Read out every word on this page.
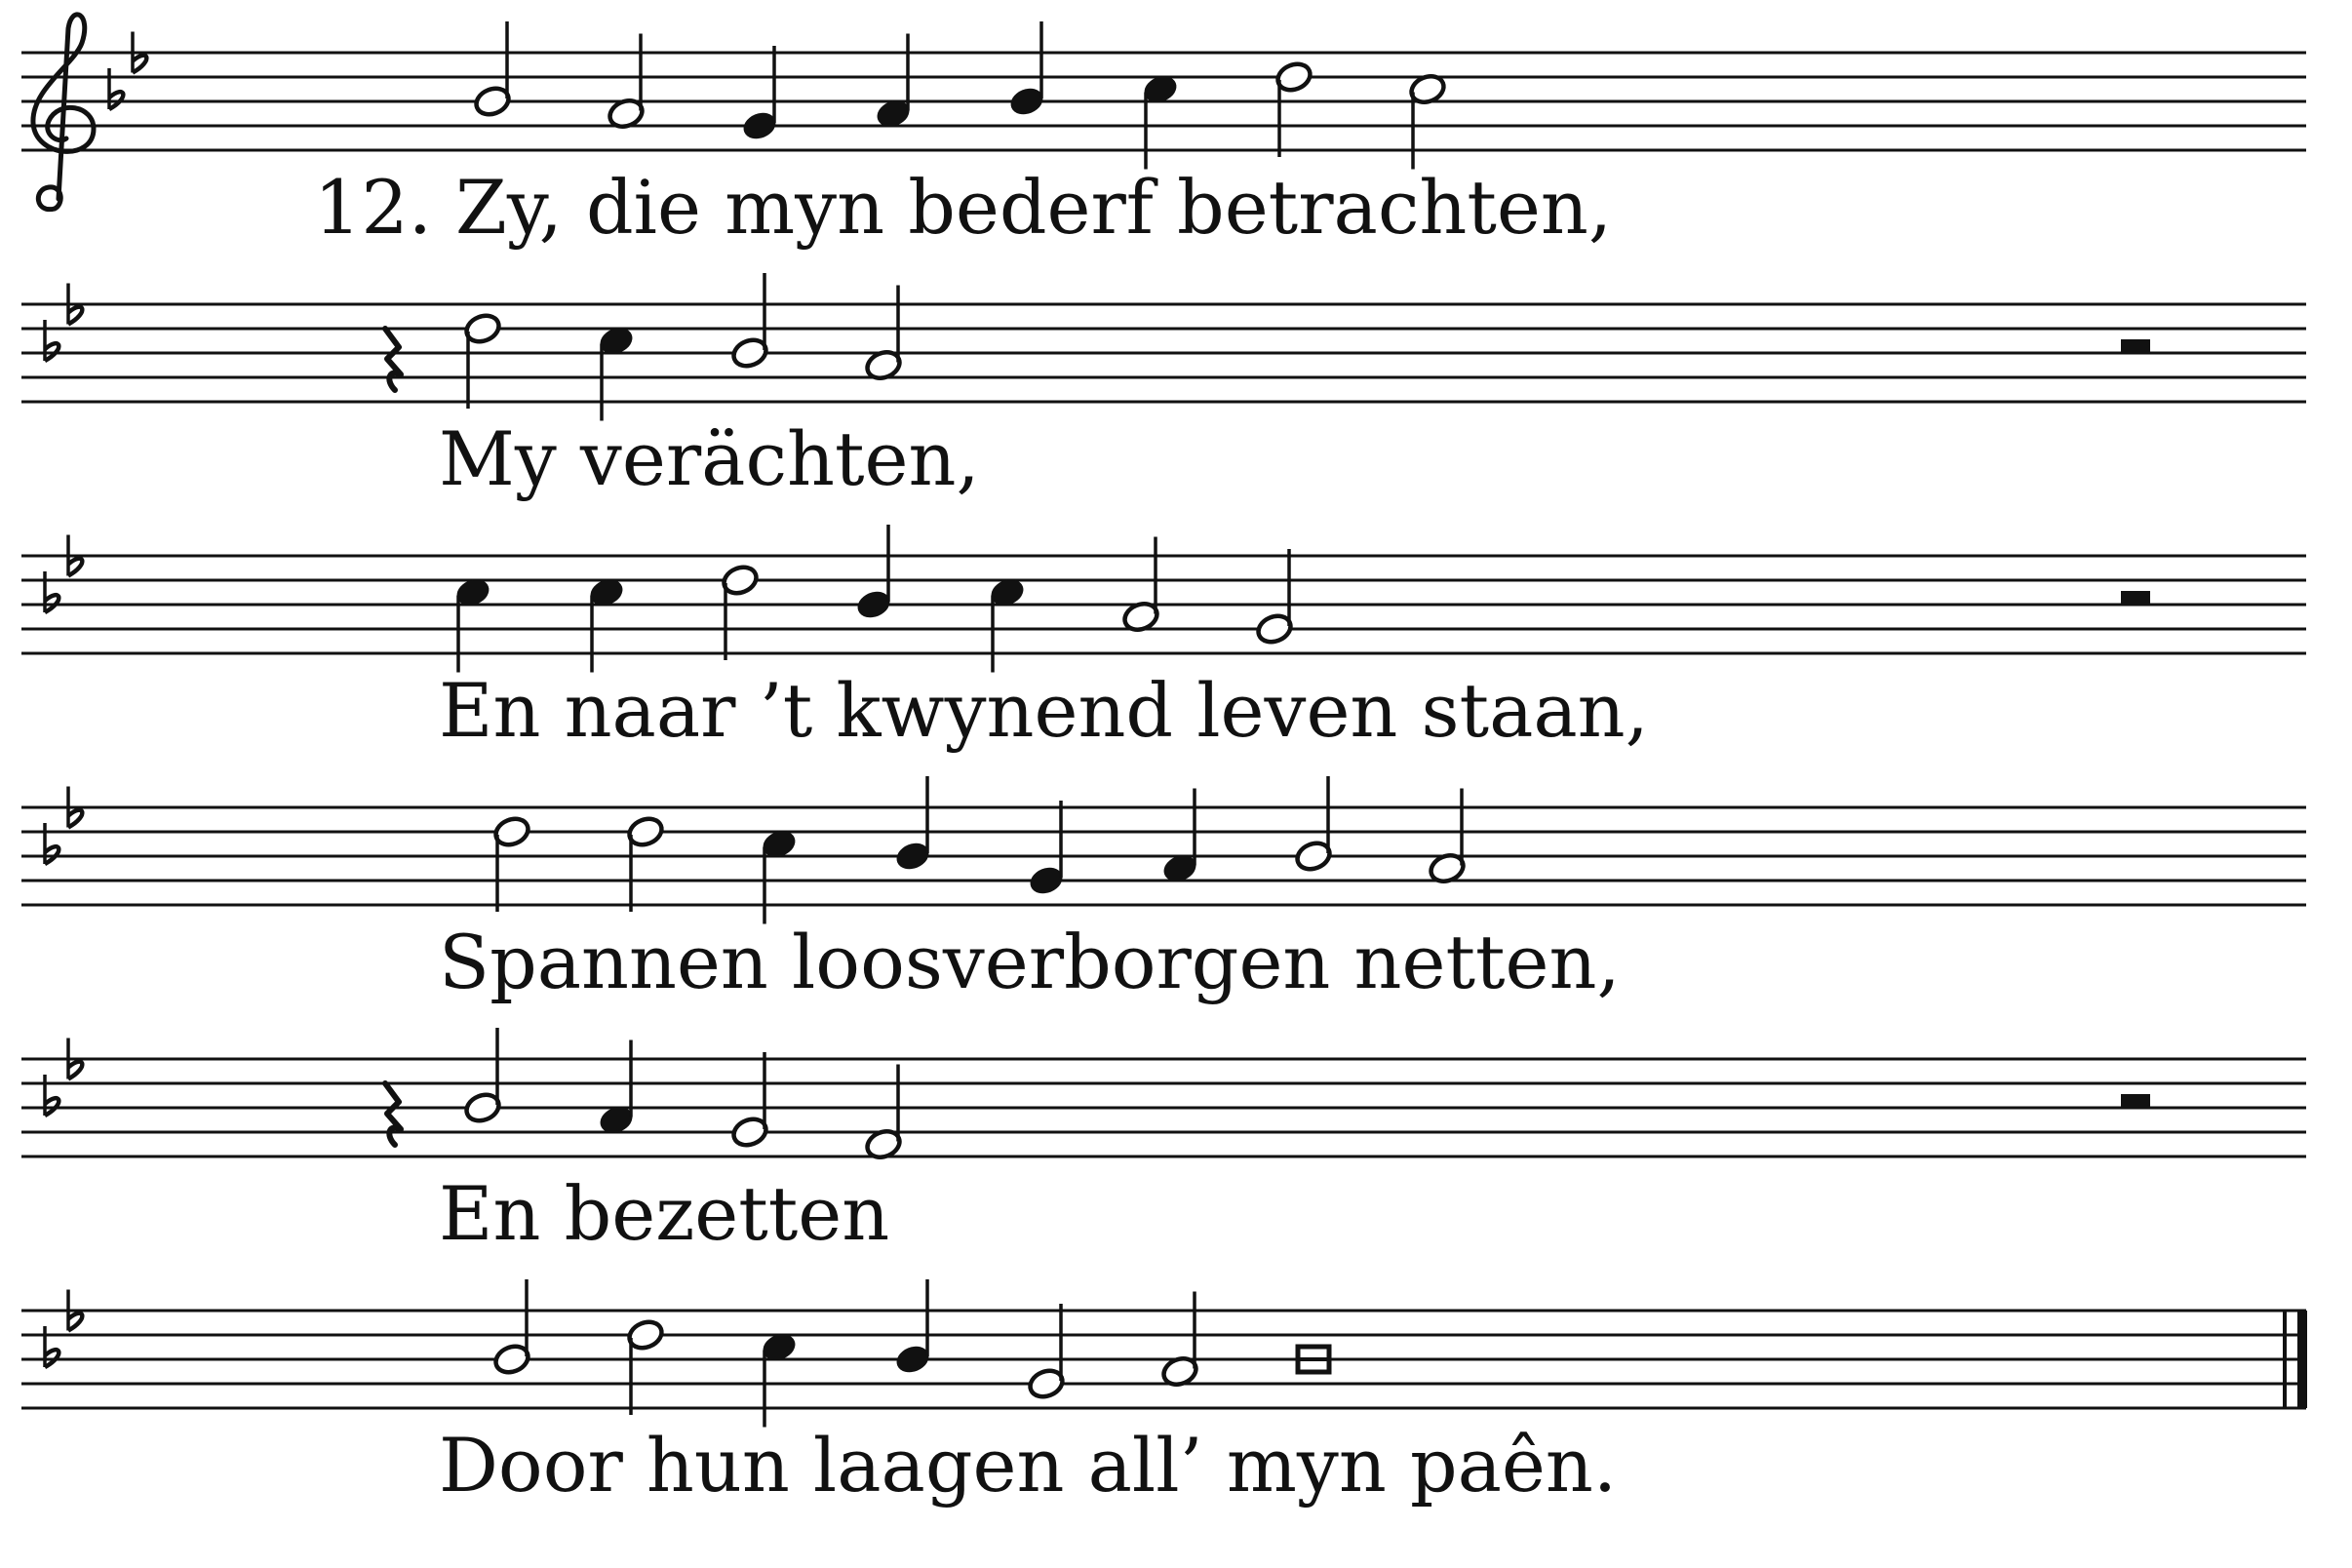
12. Zy, die myn bederf betrachten,
My verächten,
En naar ’t kwynend leven staan,
Spannen loosverborgen netten,
En bezetten
Door hun laagen all’ myn paên.
